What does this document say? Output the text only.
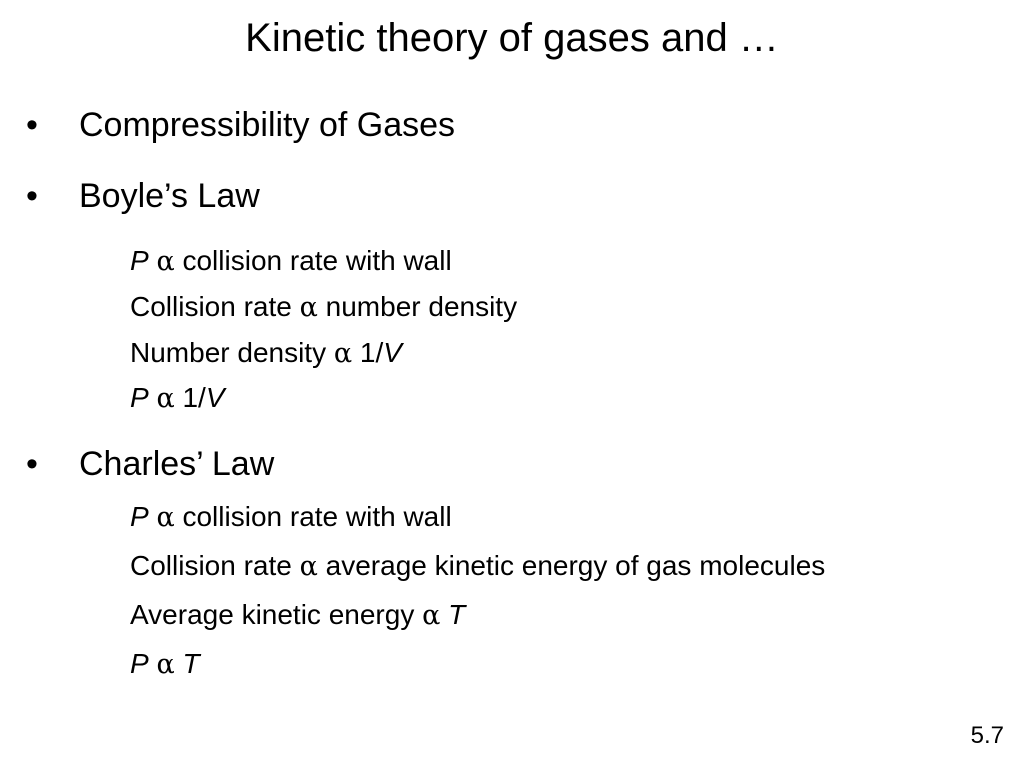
Kinetic theory of gases and …
• Compressibility of Gases
• Boyle’s Law
P α collision rate with wall
Collision rate α number density
Number density α 1/V
P α 1/V
• Charles’ Law
P α collision rate with wall
Collision rate α average kinetic energy of gas molecules
Average kinetic energy α T
P α T
5.7
